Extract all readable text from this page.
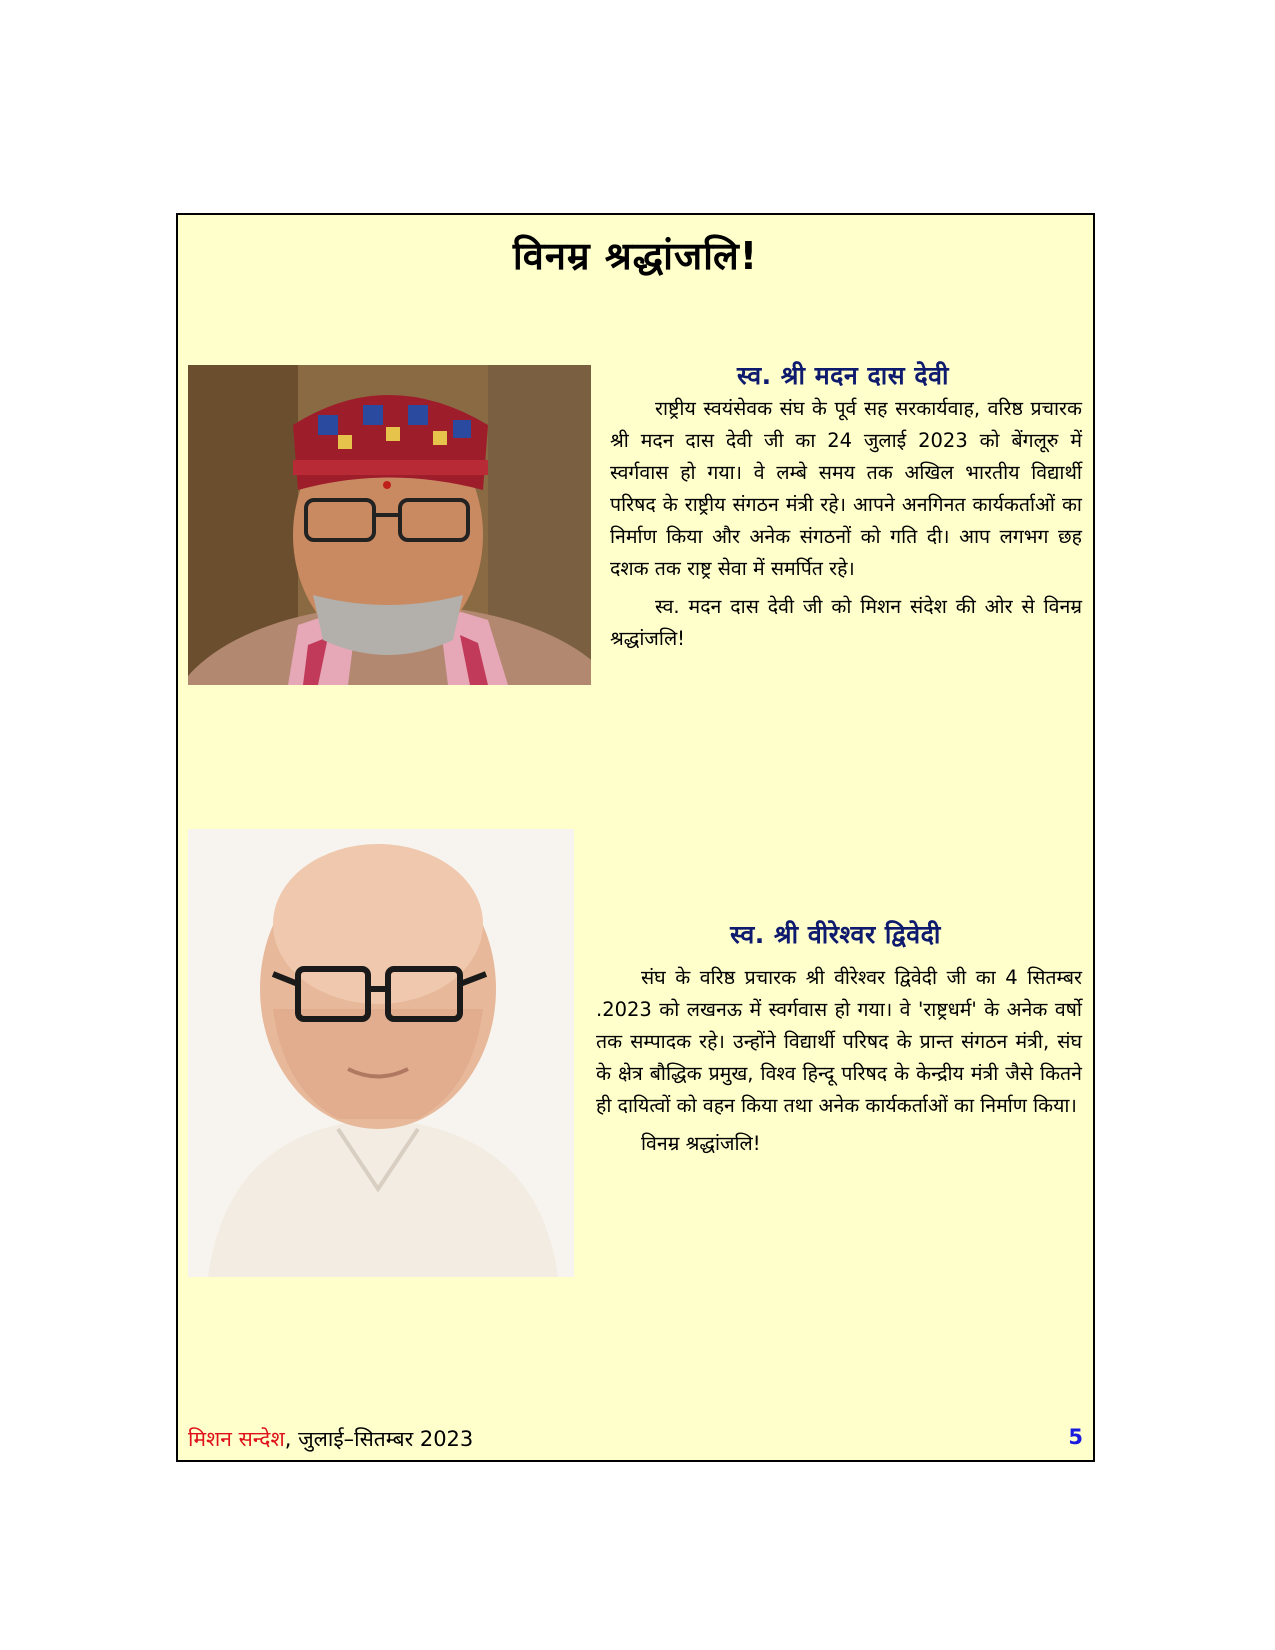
विनम्र श्रद्धांजलि!
स्व. श्री मदन दास देवी

राष्ट्रीय स्वयंसेवक संघ के पूर्व सह सरकार्यवाह, वरिष्ठ प्रचारक श्री मदन दास देवी जी का 24 जुलाई 2023 को बेंगलूरु में स्वर्गवास हो गया। वे लम्बे समय तक अखिल भारतीय विद्यार्थी परिषद के राष्ट्रीय संगठन मंत्री रहे। आपने अनगिनत कार्यकर्ताओं का निर्माण किया और अनेक संगठनों को गति दी। आप लगभग छह दशक तक राष्ट्र सेवा में समर्पित रहे।

स्व. मदन दास देवी जी को मिशन संदेश की ओर से विनम्र श्रद्धांजलि!

स्व. श्री वीरेश्वर द्विवेदी

संघ के वरिष्ठ प्रचारक श्री वीरेश्वर द्विवेदी जी का 4 सितम्बर .2023 को लखनऊ में स्वर्गवास हो गया। वे 'राष्ट्रधर्म' के अनेक वर्षो तक सम्पादक रहे। उन्होंने विद्यार्थी परिषद के प्रान्त संगठन मंत्री, संघ के क्षेत्र बौद्धिक प्रमुख, विश्व हिन्दू परिषद के केन्द्रीय मंत्री जैसे कितने ही दायित्वों को वहन किया तथा अनेक कार्यकर्ताओं का निर्माण किया।

विनम्र श्रद्धांजलि!

मिशन सन्देश, जुलाई–सितम्बर 2023	5
